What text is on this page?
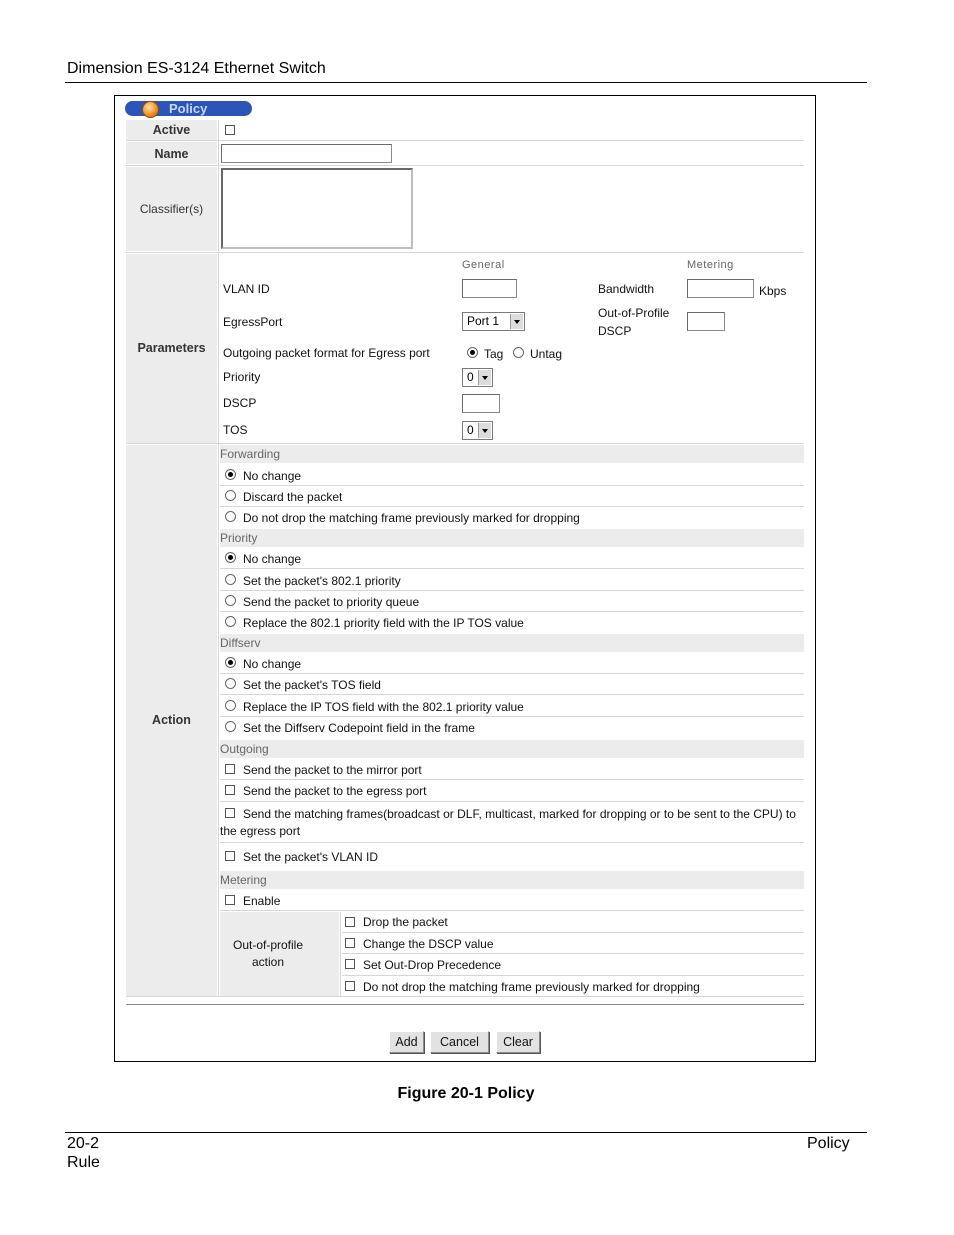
Dimension ES-3124 Ethernet Switch
Policy
Active
Name
Classifier(s)
Parameters
General	Metering
VLAN ID	Bandwidth	Kbps
EgressPort	Port 1
Out-of-Profile
DSCP
Outgoing packet format for Egress port	Tag Untag
Priority	0
DSCP
TOS	0
Action
Forwarding
No change
Discard the packet
Do not drop the matching frame previously marked for dropping
Priority
No change
Set the packet's 802.1 priority
Send the packet to priority queue
Replace the 802.1 priority field with the IP TOS value
Diffserv
No change
Set the packet's TOS field
Replace the IP TOS field with the 802.1 priority value
Set the Diffserv Codepoint field in the frame
Outgoing
Send the packet to the mirror port
Send the packet to the egress port
Send the matching frames(broadcast or DLF, multicast, marked for dropping or to be sent to the CPU) to
the egress port
Set the packet's VLAN ID
Metering
Enable
Out-of-profile
action
Drop the packet
Change the DSCP value
Set Out-Drop Precedence
Do not drop the matching frame previously marked for dropping
Add	Cancel	Clear
Figure 20-1 Policy
20-2
Rule
Policy
